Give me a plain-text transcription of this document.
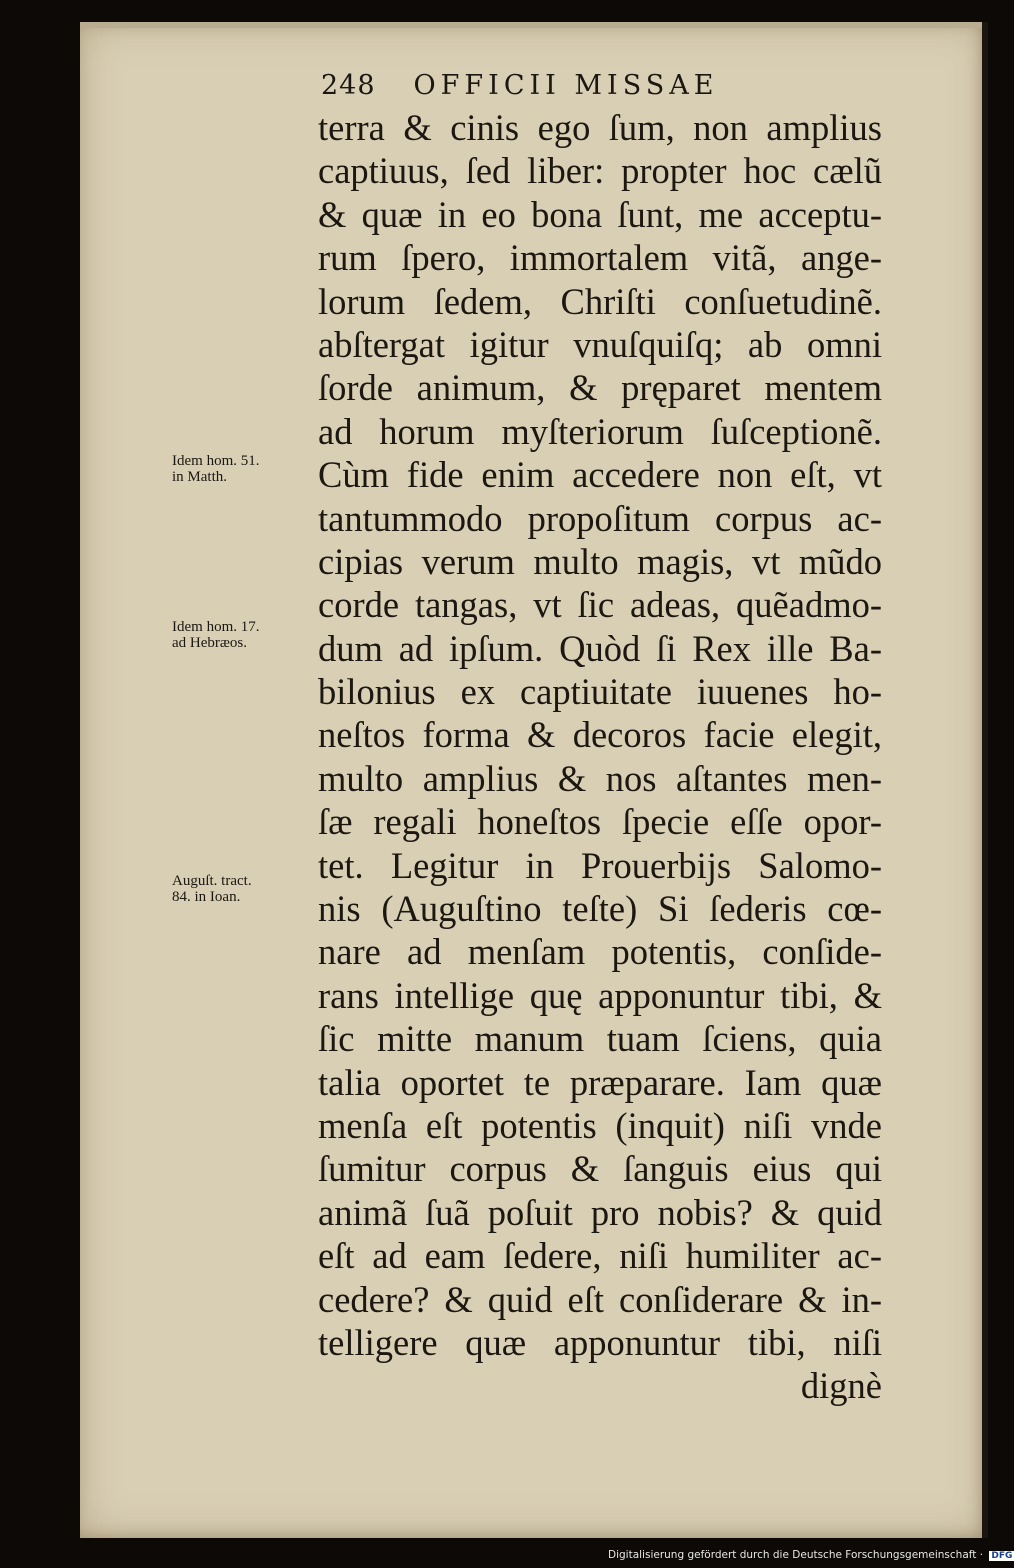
248 OFFICII MISSAE
terra & cinis ego ſum, non amplius
captiuus, ſed liber: propter hoc cælũ
& quæ in eo bona ſunt, me acceptu-
rum ſpero, immortalem vitã, ange-
lorum ſedem, Chriſti conſuetudinẽ.
abſtergat igitur vnuſquiſq; ab omni
ſorde animum, & pręparet mentem
ad horum myſteriorum ſuſceptionẽ.
Cùm fide enim accedere non eſt, vt
tantummodo propoſitum corpus ac-
cipias verum multo magis, vt mũdo
corde tangas, vt ſic adeas, quẽadmo-
dum ad ipſum. Quòd ſi Rex ille Ba-
bilonius ex captiuitate iuuenes ho-
neſtos forma & decoros facie elegit,
multo amplius & nos aſtantes men-
ſæ regali honeſtos ſpecie eſſe opor-
tet. Legitur in Prouerbijs Salomo-
nis (Auguſtino teſte) Si ſederis cœ-
nare ad menſam potentis, conſide-
rans intellige quę apponuntur tibi, &
ſic mitte manum tuam ſciens, quia
talia oportet te præparare. Iam quæ
menſa eſt potentis (inquit) niſi vnde
ſumitur corpus & ſanguis eius qui
animã ſuã poſuit pro nobis? & quid
eſt ad eam ſedere, niſi humiliter ac-
cedere? & quid eſt conſiderare & in-
telligere quæ apponuntur tibi, niſi
dignè
Idem hom. 51.
in Matth.
Idem hom. 17.
ad Hebræos.
Auguſt. tract.
84. in Ioan.
Digitalisierung gefördert durch die Deutsche Forschungsgemeinschaft · DFG
